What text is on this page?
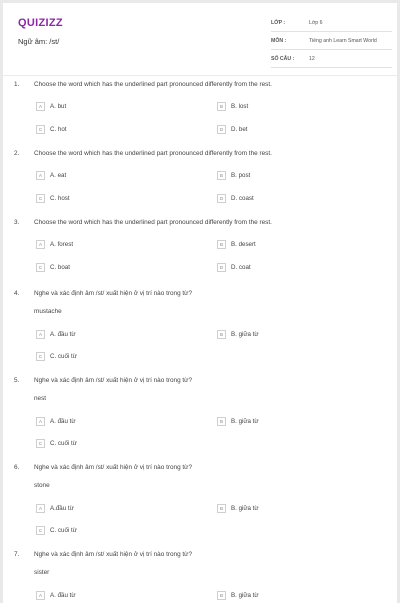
QUIZIZZ
Ngữ âm: /st/
LỚP :	Lớp 6
MÔN :	Tiếng anh Learn Smart World
SỐ CÂU :	12
1. Choose the word which has the underlined part pronounced differently from the rest.
A	A. but	B	B. lost
C	C. hot	D	D. bet
2. Choose the word which has the underlined part pronounced differently from the rest.
A	A. eat	B	B. post
C	C. host	D	D. coast
3. Choose the word which has the underlined part pronounced differently from the rest.
A	A. forest	B	B. desert
C	C. boat	D	D. coat
4. Nghe và xác định âm /st/ xuất hiện ở vị trí nào trong từ?
mustache
A	A. đầu từ	B	B. giữa từ
C	C. cuối từ
5. Nghe và xác định âm /st/ xuất hiện ở vị trí nào trong từ?
nest
A	A. đầu từ	B	B. giữa từ
C	C. cuối từ
6. Nghe và xác định âm /st/ xuất hiện ở vị trí nào trong từ?
stone
A	A.đầu từ	B	B. giữa từ
C	C. cuối từ
7. Nghe và xác định âm /st/ xuất hiện ở vị trí nào trong từ?
sister
A	A. đầu từ	B	B. giữa từ
